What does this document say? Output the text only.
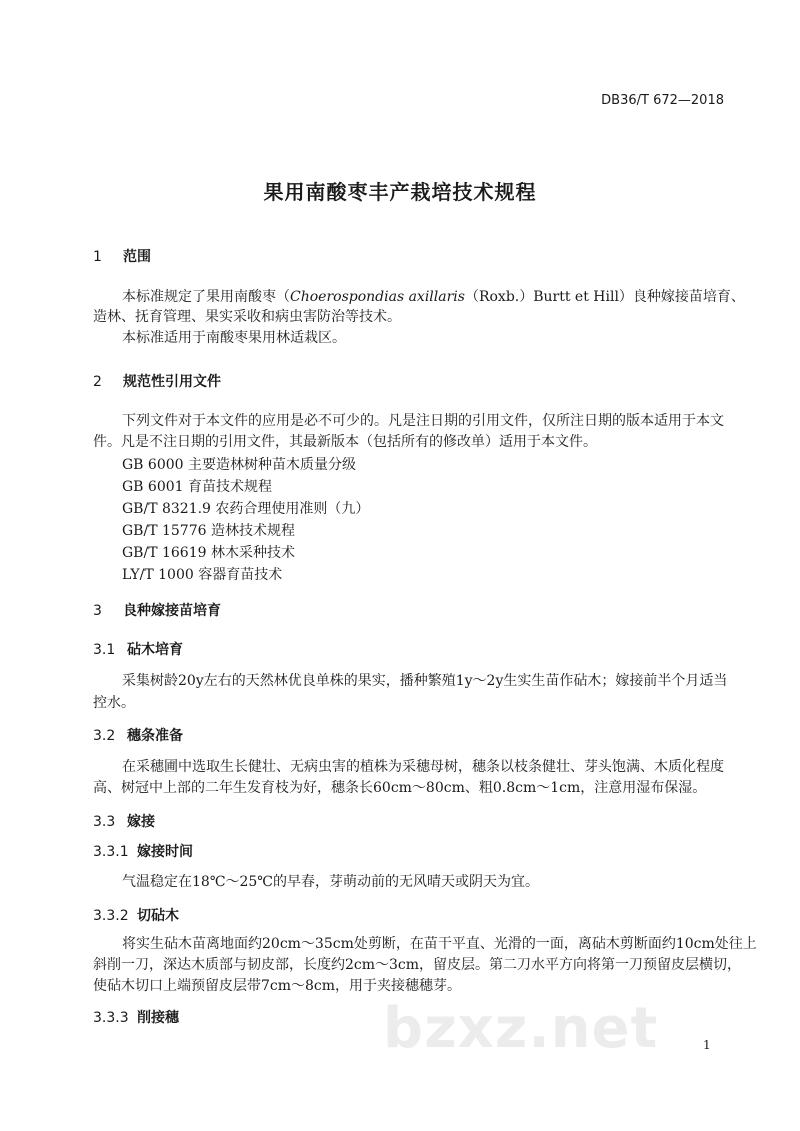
DB36/T 672—2018
果用南酸枣丰产栽培技术规程
1 范围

本标准规定了果用南酸枣（Choerospondias axillaris（Roxb.）Burtt et Hill）良种嫁接苗培育、

造林、抚育管理、果实采收和病虫害防治等技术。

本标准适用于南酸枣果用林适栽区。

2 规范性引用文件

下列文件对于本文件的应用是必不可少的。凡是注日期的引用文件，仅所注日期的版本适用于本文

件。凡是不注日期的引用文件，其最新版本（包括所有的修改单）适用于本文件。

GB 6000 主要造林树种苗木质量分级

GB 6001 育苗技术规程

GB/T 8321.9 农药合理使用准则（九）

GB/T 15776 造林技术规程

GB/T 16619 林木采种技术

LY/T 1000 容器育苗技术

3 良种嫁接苗培育
3.1 砧木培育

采集树龄20y左右的天然林优良单株的果实，播种繁殖1y～2y生实生苗作砧木；嫁接前半个月适当

控水。

3.2 穗条准备

在采穗圃中选取生长健壮、无病虫害的植株为采穗母树，穗条以枝条健壮、芽头饱满、木质化程度

高、树冠中上部的二年生发育枝为好，穗条长60cm～80cm、粗0.8cm～1cm，注意用湿布保湿。

3.3 嫁接
3.3.1 嫁接时间

气温稳定在18℃～25℃的早春，芽萌动前的无风晴天或阴天为宜。

3.3.2 切砧木

将实生砧木苗离地面约20cm～35cm处剪断，在苗干平直、光滑的一面，离砧木剪断面约10cm处往上

斜削一刀，深达木质部与韧皮部，长度约2cm～3cm，留皮层。第二刀水平方向将第一刀预留皮层横切，

使砧木切口上端预留皮层带7cm～8cm，用于夹接穗穗芽。

3.3.3 削接穗	bzxz.net	1
